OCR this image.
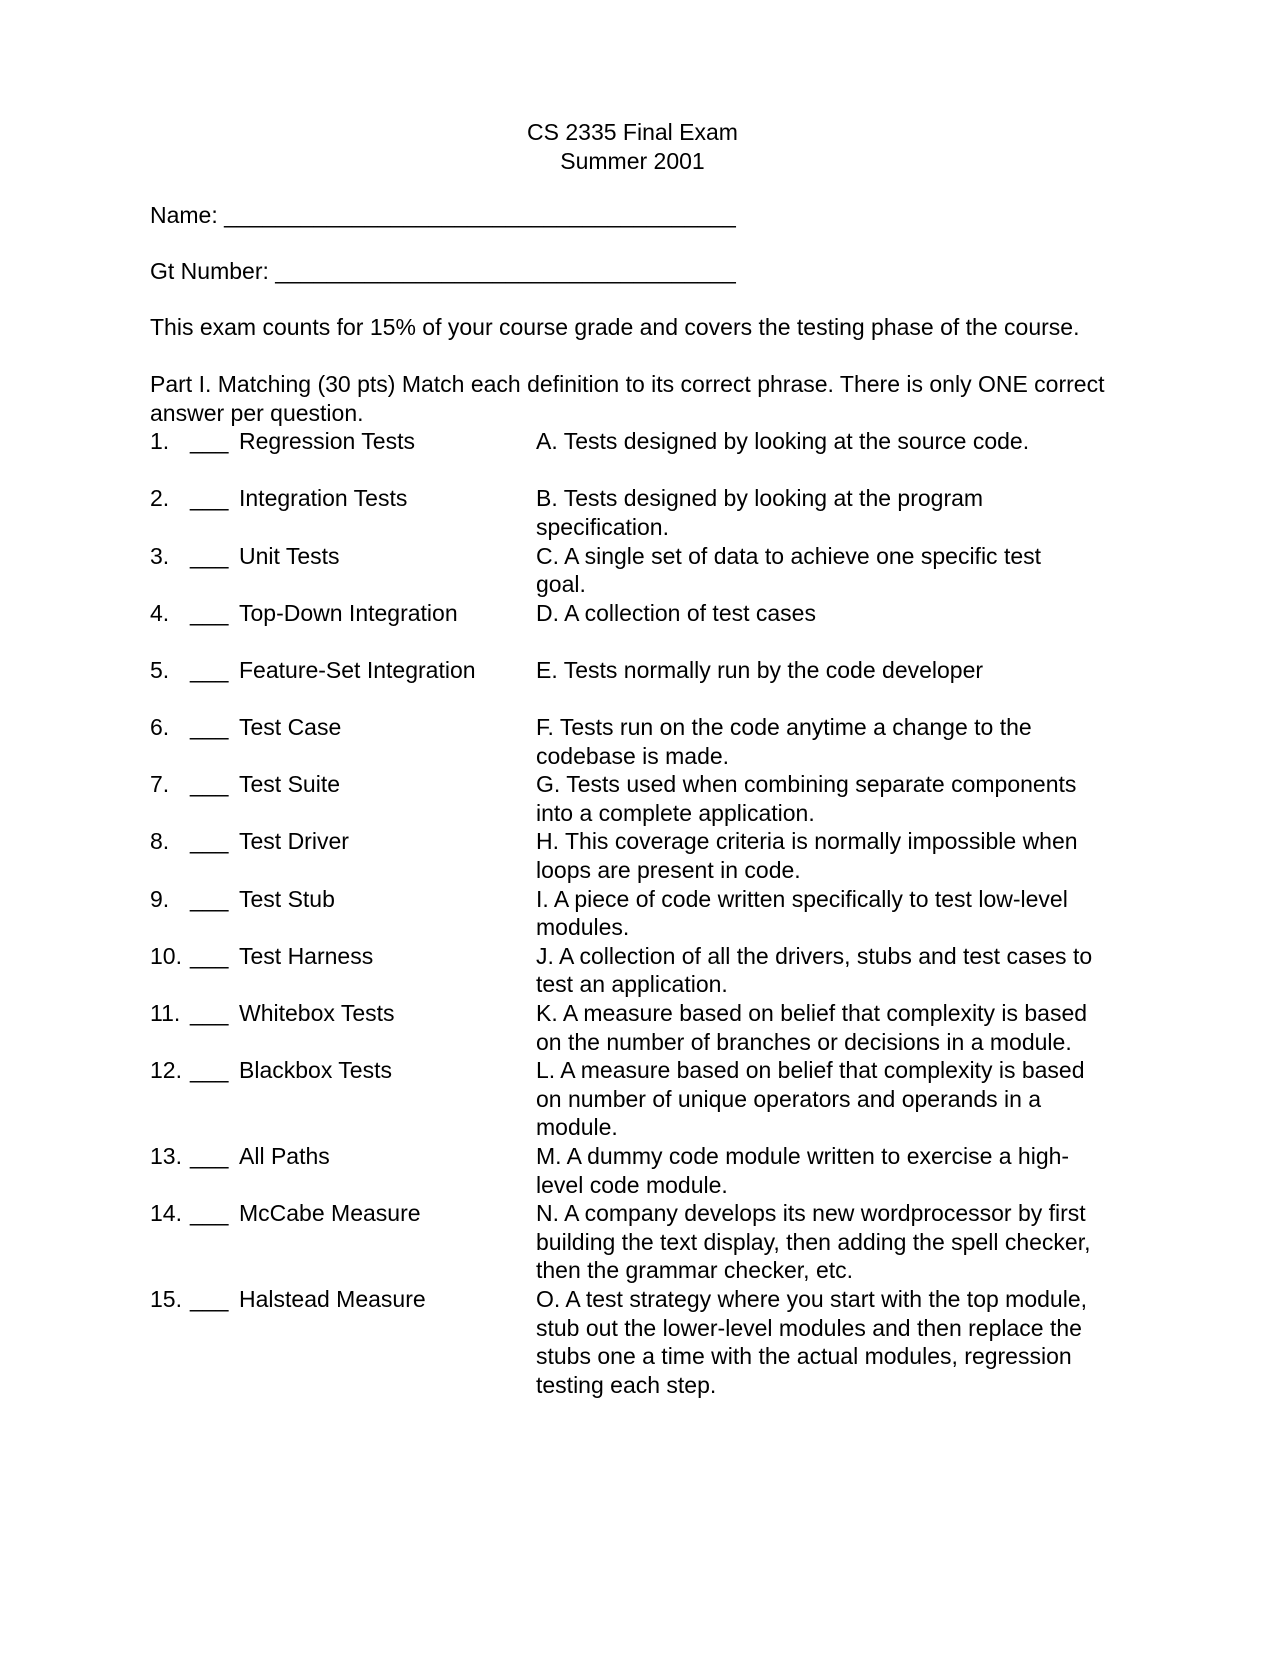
CS 2335 Final Exam
Summer 2001
Name: ________________________________________
Gt Number: ____________________________________
This exam counts for 15% of your course grade and covers the testing phase of the course.
Part I. Matching (30 pts) Match each definition to its correct phrase. There is only ONE correct answer per question.
1. ___ Regression Tests	A. Tests designed by looking at the source code.
2. ___ Integration Tests	B. Tests designed by looking at the program specification.
3. ___ Unit Tests	C. A single set of data to achieve one specific test goal.
4. ___ Top-Down Integration	D. A collection of test cases
5. ___ Feature-Set Integration	E. Tests normally run by the code developer
6. ___ Test Case	F. Tests run on the code anytime a change to the codebase is made.
7. ___ Test Suite	G. Tests used when combining separate components into a complete application.
8. ___ Test Driver	H. This coverage criteria is normally impossible when loops are present in code.
9. ___ Test Stub	I. A piece of code written specifically to test low-level modules.
10. ___ Test Harness	J. A collection of all the drivers, stubs and test cases to test an application.
11. ___ Whitebox Tests	K. A measure based on belief that complexity is based on the number of branches or decisions in a module.
12. ___ Blackbox Tests	L. A measure based on belief that complexity is based on number of unique operators and operands in a module.
13. ___ All Paths	M. A dummy code module written to exercise a high-level code module.
14. ___ McCabe Measure	N. A company develops its new wordprocessor by first building the text display, then adding the spell checker, then the grammar checker, etc.
15. ___ Halstead Measure	O. A test strategy where you start with the top module, stub out the lower-level modules and then replace the stubs one a time with the actual modules, regression testing each step.
